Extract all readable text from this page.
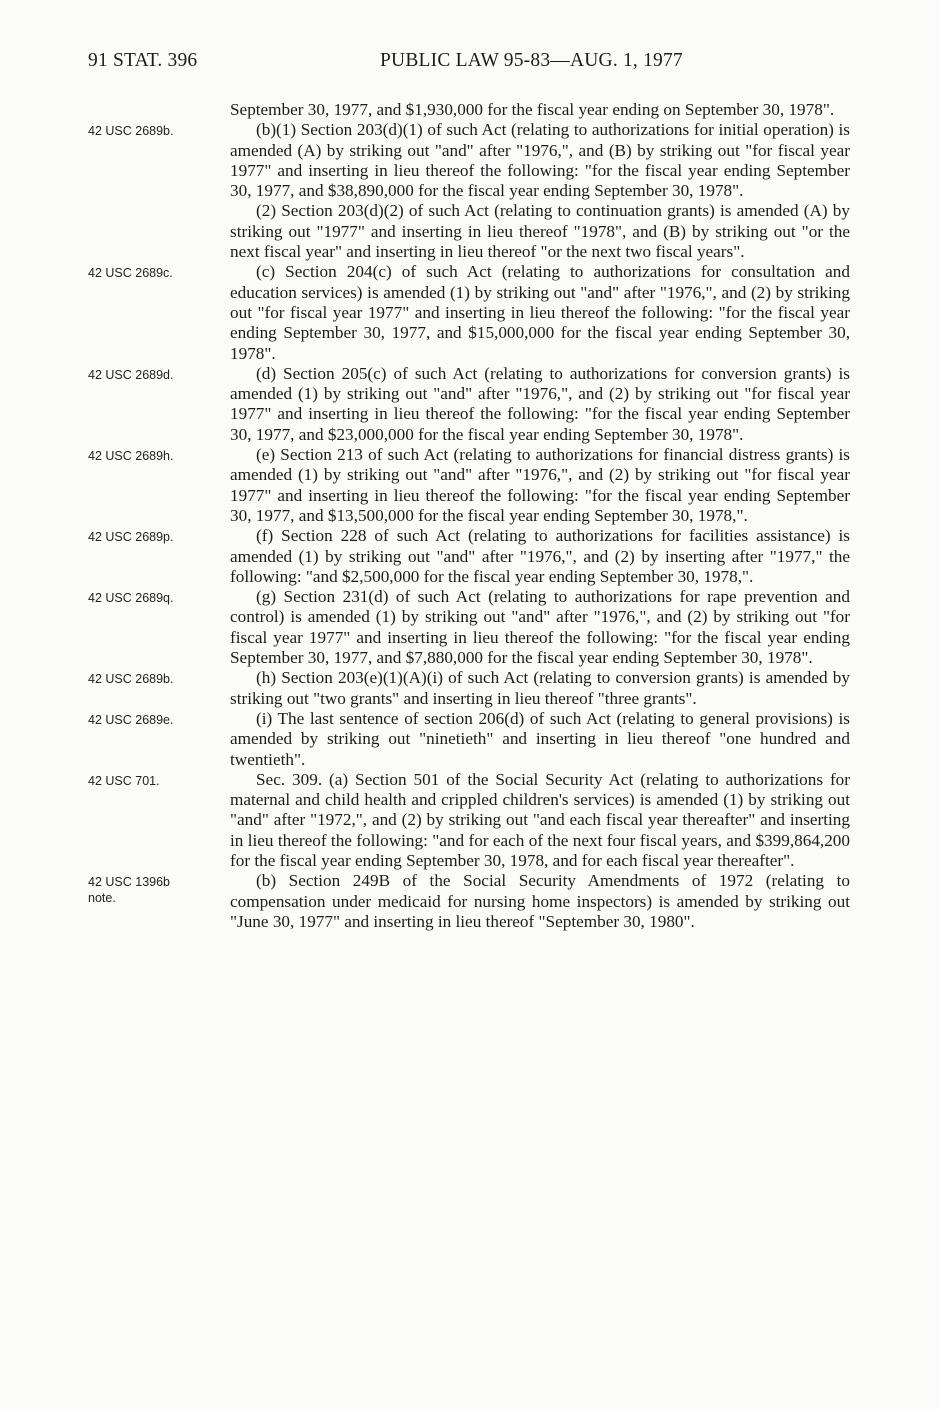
91 STAT. 396	PUBLIC LAW 95-83—AUG. 1, 1977
September 30, 1977, and $1,930,000 for the fiscal year ending on September 30, 1978".
42 USC 2689b.	(b)(1) Section 203(d)(1) of such Act (relating to authorizations for initial operation) is amended (A) by striking out "and" after "1976,", and (B) by striking out "for fiscal year 1977" and inserting in lieu thereof the following: "for the fiscal year ending September 30, 1977, and $38,890,000 for the fiscal year ending September 30, 1978".
(2) Section 203(d)(2) of such Act (relating to continuation grants) is amended (A) by striking out "1977" and inserting in lieu thereof "1978", and (B) by striking out "or the next fiscal year" and inserting in lieu thereof "or the next two fiscal years".
42 USC 2689c.	(c) Section 204(c) of such Act (relating to authorizations for consultation and education services) is amended (1) by striking out "and" after "1976,", and (2) by striking out "for fiscal year 1977" and inserting in lieu thereof the following: "for the fiscal year ending September 30, 1977, and $15,000,000 for the fiscal year ending September 30, 1978".
42 USC 2689d.	(d) Section 205(c) of such Act (relating to authorizations for conversion grants) is amended (1) by striking out "and" after "1976,", and (2) by striking out "for fiscal year 1977" and inserting in lieu thereof the following: "for the fiscal year ending September 30, 1977, and $23,000,000 for the fiscal year ending September 30, 1978".
42 USC 2689h.	(e) Section 213 of such Act (relating to authorizations for financial distress grants) is amended (1) by striking out "and" after "1976,", and (2) by striking out "for fiscal year 1977" and inserting in lieu thereof the following: "for the fiscal year ending September 30, 1977, and $13,500,000 for the fiscal year ending September 30, 1978,".
42 USC 2689p.	(f) Section 228 of such Act (relating to authorizations for facilities assistance) is amended (1) by striking out "and" after "1976,", and (2) by inserting after "1977," the following: "and $2,500,000 for the fiscal year ending September 30, 1978,".
42 USC 2689q.	(g) Section 231(d) of such Act (relating to authorizations for rape prevention and control) is amended (1) by striking out "and" after "1976,", and (2) by striking out "for fiscal year 1977" and inserting in lieu thereof the following: "for the fiscal year ending September 30, 1977, and $7,880,000 for the fiscal year ending September 30, 1978".
42 USC 2689b.	(h) Section 203(e)(1)(A)(i) of such Act (relating to conversion grants) is amended by striking out "two grants" and inserting in lieu thereof "three grants".
42 USC 2689e.	(i) The last sentence of section 206(d) of such Act (relating to general provisions) is amended by striking out "ninetieth" and inserting in lieu thereof "one hundred and twentieth".
42 USC 701.	Sec. 309. (a) Section 501 of the Social Security Act (relating to authorizations for maternal and child health and crippled children's services) is amended (1) by striking out "and" after "1972,", and (2) by striking out "and each fiscal year thereafter" and inserting in lieu thereof the following: "and for each of the next four fiscal years, and $399,864,200 for the fiscal year ending September 30, 1978, and for each fiscal year thereafter".
42 USC 1396b
note.
(b) Section 249B of the Social Security Amendments of 1972 (relating to compensation under medicaid for nursing home inspectors) is amended by striking out "June 30, 1977" and inserting in lieu thereof "September 30, 1980".
